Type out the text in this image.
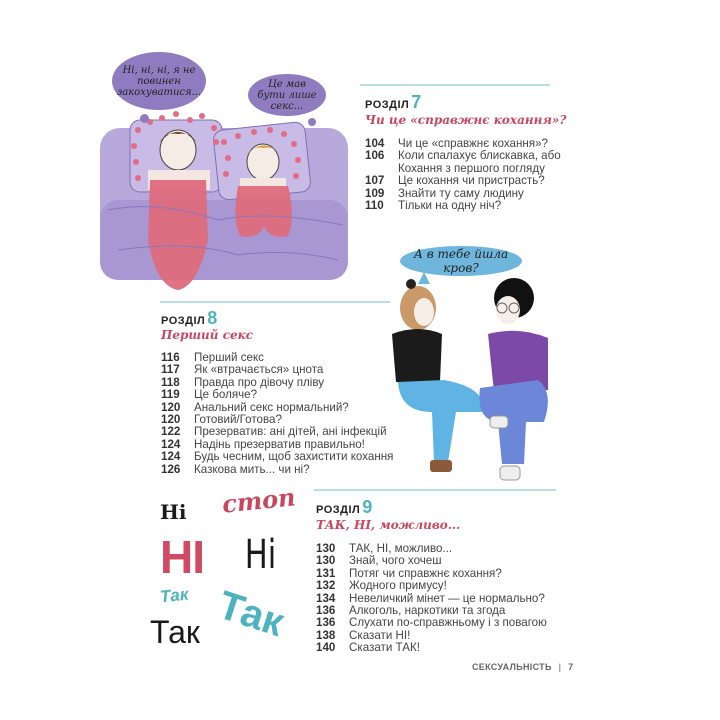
Ні, ні, ні, я не повинен закохуватися...
Це мав бути лише секс...	РОЗДІЛ 7
Чи це «справжнє кохання»?
104	Чи це «справжнє кохання»?
106	Коли спалахує блискавка, або
Кохання з першого погляду
107	Це кохання чи пристрасть?
109	Знайти ту саму людину
110	Тільки на одну ніч?
А в тебе йшла кров?
РОЗДІЛ 8
Перший секс
116	Перший секс
117	Як «втрачається» цнота
118	Правда про дівочу пліву
119	Це боляче?
120	Анальний секс нормальний?
120	Готовий/Готова?
122	Презерватив: ані дітей, ані інфекцій
124	Надінь презерватив правильно!
124	Будь чесним, щоб захистити кохання
126	Казкова мить... чи ні?
Ні стоп
НІ Ні
Так Так
Так
РОЗДІЛ 9
ТАК, НІ, можливо...
130	ТАК, НІ, можливо...
130	Знай, чого хочеш
131	Потяг чи справжнє кохання?
132	Жодного примусу!
134	Невеличкий мінет — це нормально?
136	Алкоголь, наркотики та згода
136	Слухати по-справжньому і з повагою
138	Сказати НІ!
140	Сказати ТАК!
СЕКСУАЛЬНІСТЬ | 7
